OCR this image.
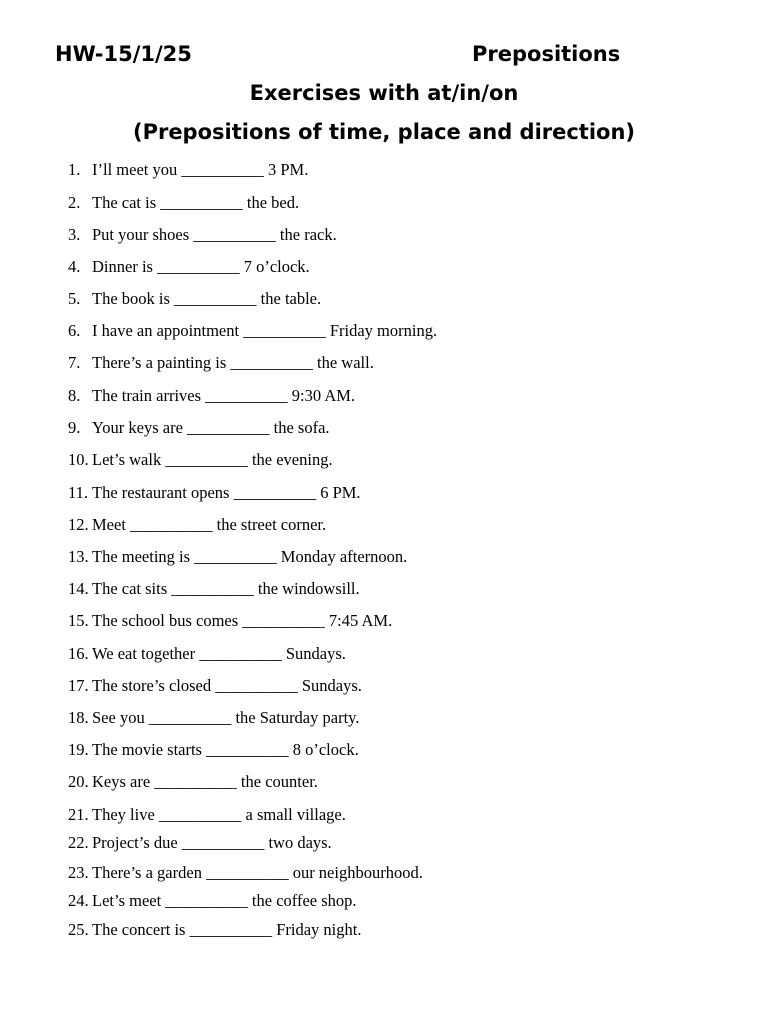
HW-15/1/25	Prepositions
Exercises with at/in/on
(Prepositions of time, place and direction)
1. I’ll meet you __________ 3 PM.
2. The cat is __________ the bed.
3. Put your shoes __________ the rack.
4. Dinner is __________ 7 o’clock.
5. The book is __________ the table.
6. I have an appointment __________ Friday morning.
7. There’s a painting is __________ the wall.
8. The train arrives __________ 9:30 AM.
9. Your keys are __________ the sofa.
10. Let’s walk __________ the evening.
11. The restaurant opens __________ 6 PM.
12. Meet __________ the street corner.
13. The meeting is __________ Monday afternoon.
14. The cat sits __________ the windowsill.
15. The school bus comes __________ 7:45 AM.
16. We eat together __________ Sundays.
17. The store’s closed __________ Sundays.
18. See you __________ the Saturday party.
19. The movie starts __________ 8 o’clock.
20. Keys are __________ the counter.
21. They live __________ a small village.
22. Project’s due __________ two days.
23. There’s a garden __________ our neighbourhood.
24. Let’s meet __________ the coffee shop.
25. The concert is __________ Friday night.
